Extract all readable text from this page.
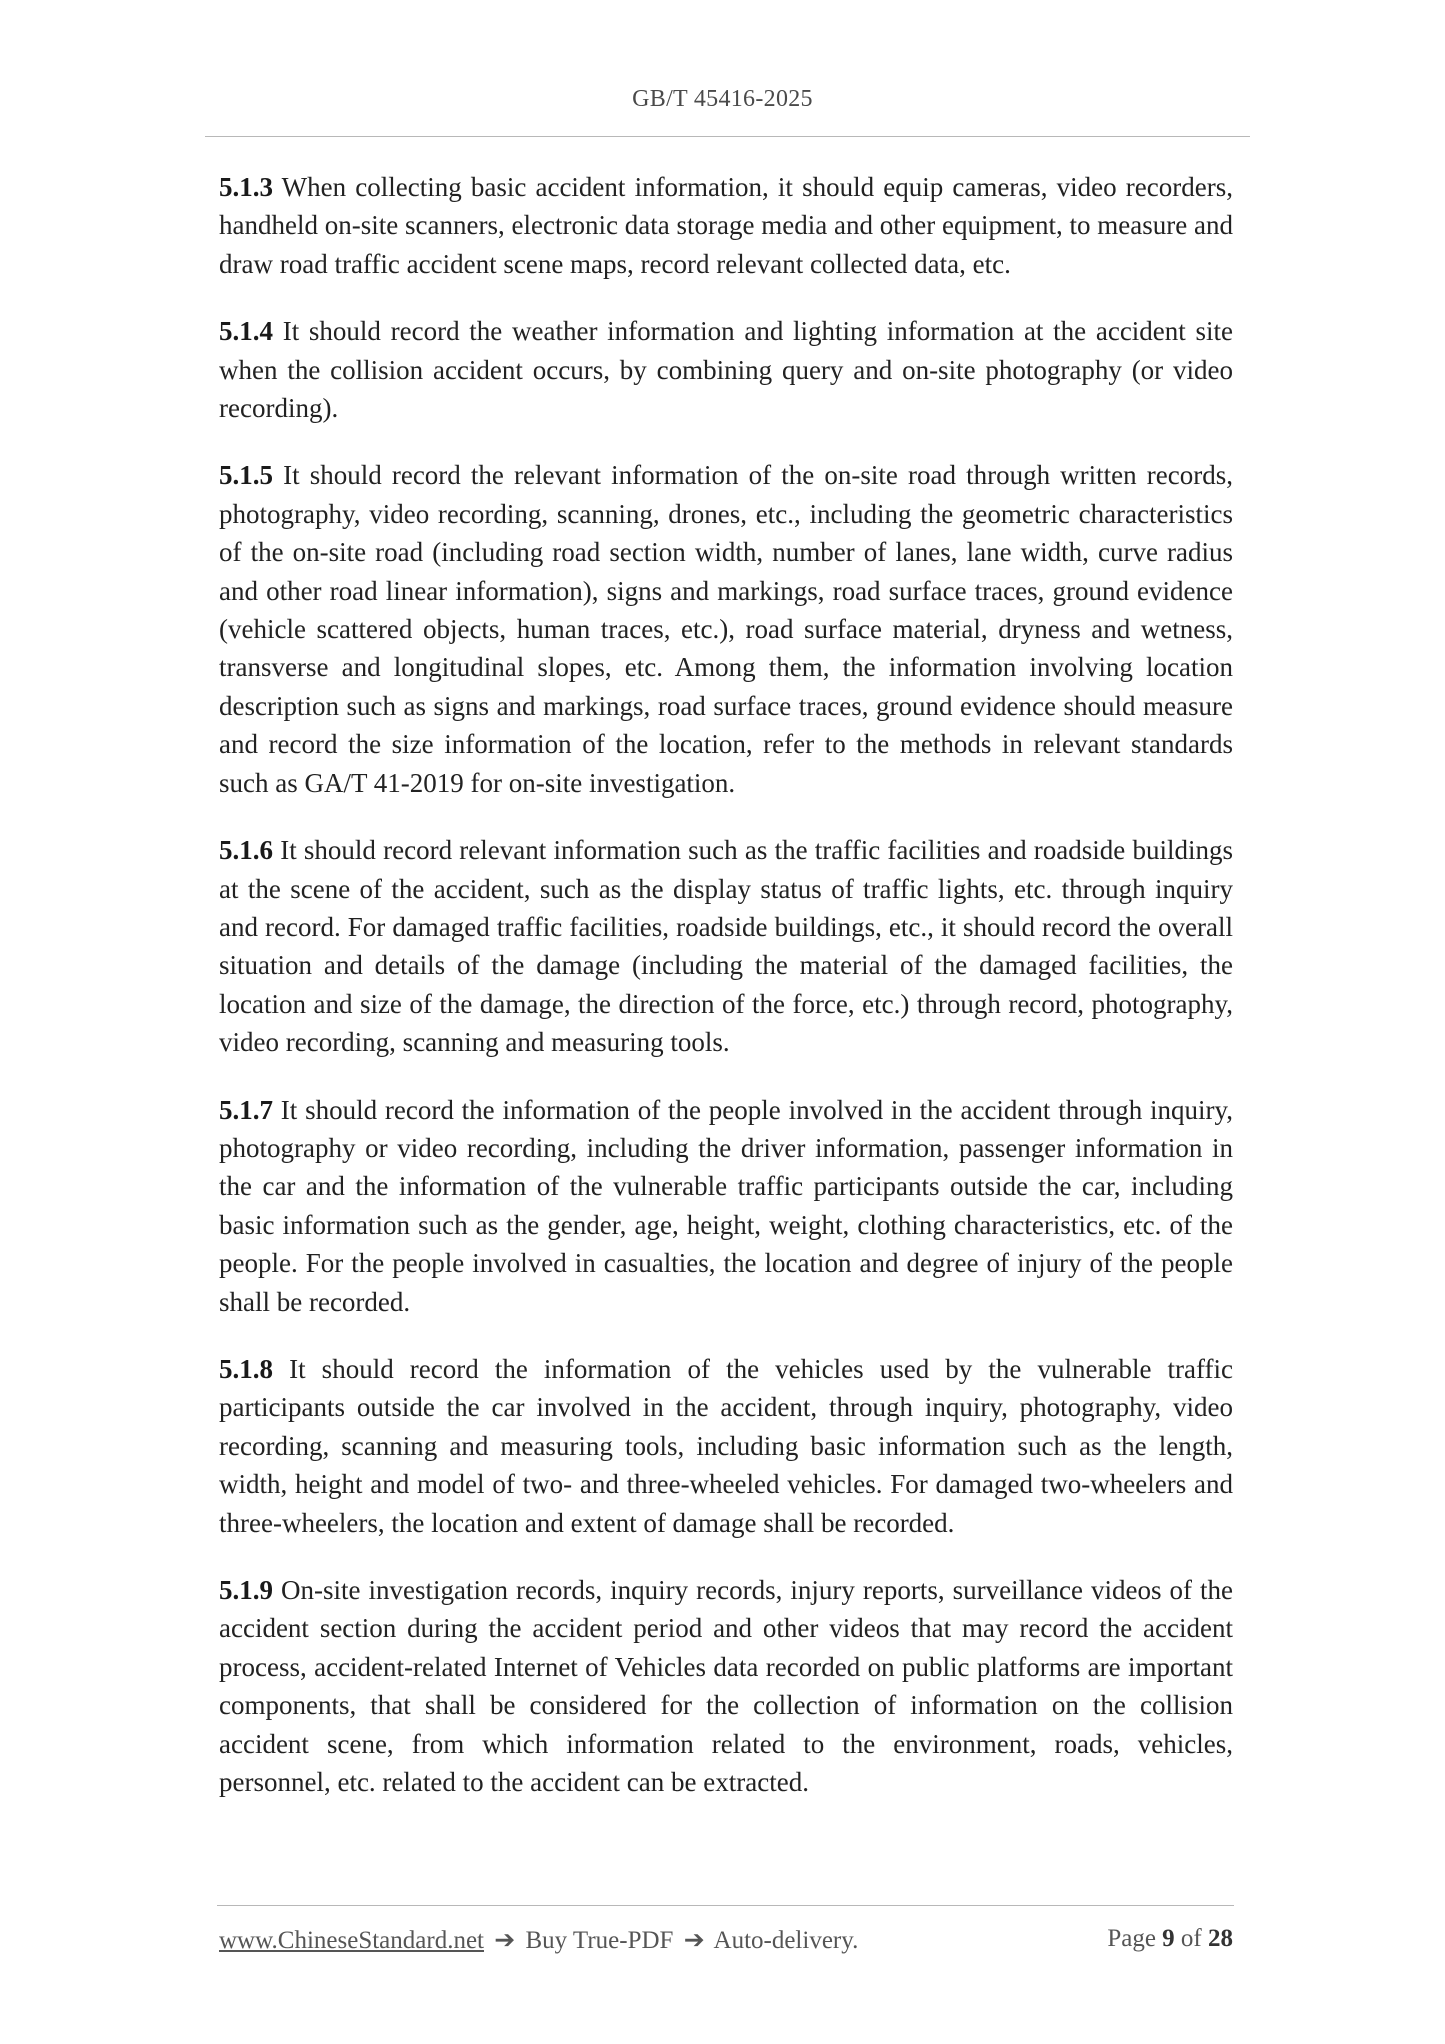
GB/T 45416-2025

5.1.3 When collecting basic accident information, it should equip cameras, video recorders, handheld on-site scanners, electronic data storage media and other equipment, to measure and draw road traffic accident scene maps, record relevant collected data, etc.

5.1.4 It should record the weather information and lighting information at the accident site when the collision accident occurs, by combining query and on-site photography (or video recording).

5.1.5 It should record the relevant information of the on-site road through written records, photography, video recording, scanning, drones, etc., including the geometric characteristics of the on-site road (including road section width, number of lanes, lane width, curve radius and other road linear information), signs and markings, road surface traces, ground evidence (vehicle scattered objects, human traces, etc.), road surface material, dryness and wetness, transverse and longitudinal slopes, etc. Among them, the information involving location description such as signs and markings, road surface traces, ground evidence should measure and record the size information of the location, refer to the methods in relevant standards such as GA/T 41-2019 for on-site investigation.

5.1.6 It should record relevant information such as the traffic facilities and roadside buildings at the scene of the accident, such as the display status of traffic lights, etc. through inquiry and record. For damaged traffic facilities, roadside buildings, etc., it should record the overall situation and details of the damage (including the material of the damaged facilities, the location and size of the damage, the direction of the force, etc.) through record, photography, video recording, scanning and measuring tools.

5.1.7 It should record the information of the people involved in the accident through inquiry, photography or video recording, including the driver information, passenger information in the car and the information of the vulnerable traffic participants outside the car, including basic information such as the gender, age, height, weight, clothing characteristics, etc. of the people. For the people involved in casualties, the location and degree of injury of the people shall be recorded.

5.1.8 It should record the information of the vehicles used by the vulnerable traffic participants outside the car involved in the accident, through inquiry, photography, video recording, scanning and measuring tools, including basic information such as the length, width, height and model of two- and three-wheeled vehicles. For damaged two-wheelers and three-wheelers, the location and extent of damage shall be recorded.

5.1.9 On-site investigation records, inquiry records, injury reports, surveillance videos of the accident section during the accident period and other videos that may record the accident process, accident-related Internet of Vehicles data recorded on public platforms are important components, that shall be considered for the collection of information on the collision accident scene, from which information related to the environment, roads, vehicles, personnel, etc. related to the accident can be extracted.

www.ChineseStandard.net ➔ Buy True-PDF ➔ Auto-delivery.	Page 9 of 28
